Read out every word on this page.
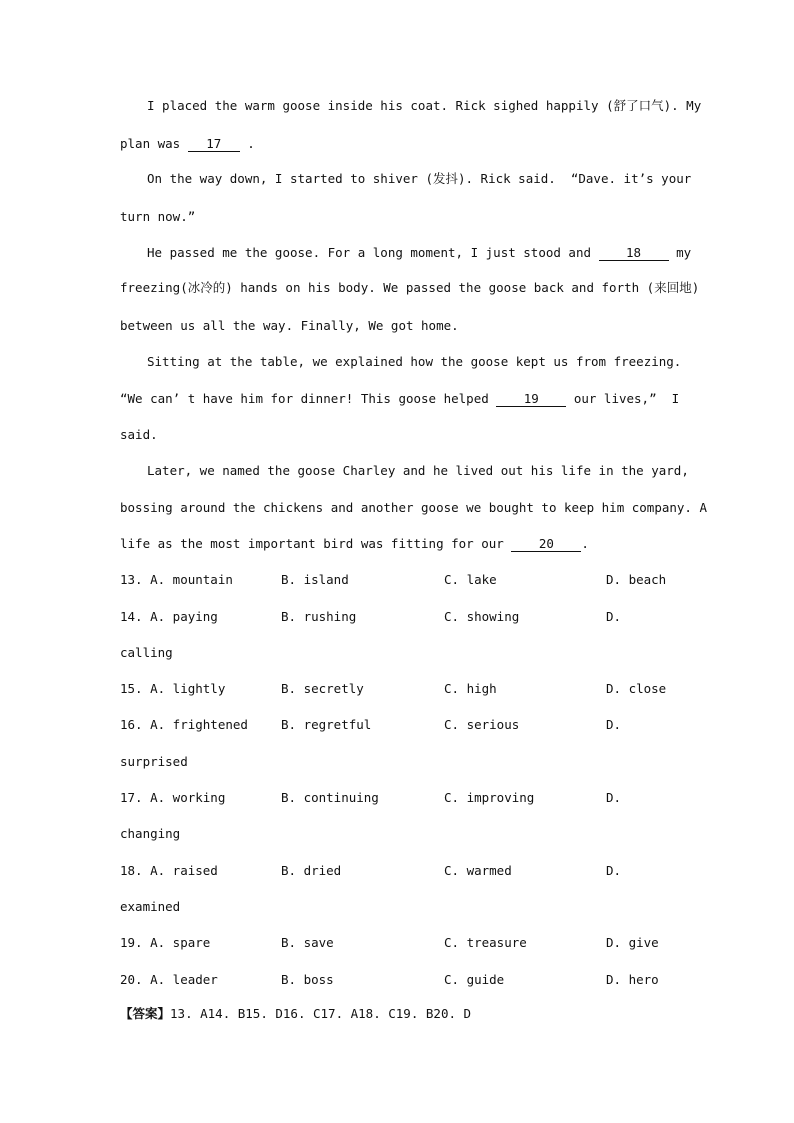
I placed the warm goose inside his coat. Rick sighed happily (舒了口气). My
plan was 17 .
On the way down, I started to shiver (发抖). Rick said.  “Dave. it’s your
turn now.”
He passed me the goose. For a long moment, I just stood and 18 my
freezing(冰冷的) hands on his body. We passed the goose back and forth (来回地)
between us all the way. Finally, We got home.
Sitting at the table, we explained how the goose kept us from freezing.
“We can’ t have him for dinner! This goose helped 19 our lives,”  I
said.
Later, we named the goose Charley and he lived out his life in the yard,
bossing around the chickens and another goose we bought to keep him company. A
life as the most important bird was fitting for our 20 .
13. A. mountain	B. island	C. lake	D. beach
14. A. paying	B. rushing	C. showing	D.
calling
15. A. lightly	B. secretly	C. high	D. close
16. A. frightened	B. regretful	C. serious	D.
surprised
17. A. working	B. continuing	C. improving	D.
changing
18. A. raised	B. dried	C. warmed	D.
examined
19. A. spare	B. save	C. treasure	D. give
20. A. leader	B. boss	C. guide	D. hero
【答案】13. A14. B15. D16. C17. A18. C19. B20. D
